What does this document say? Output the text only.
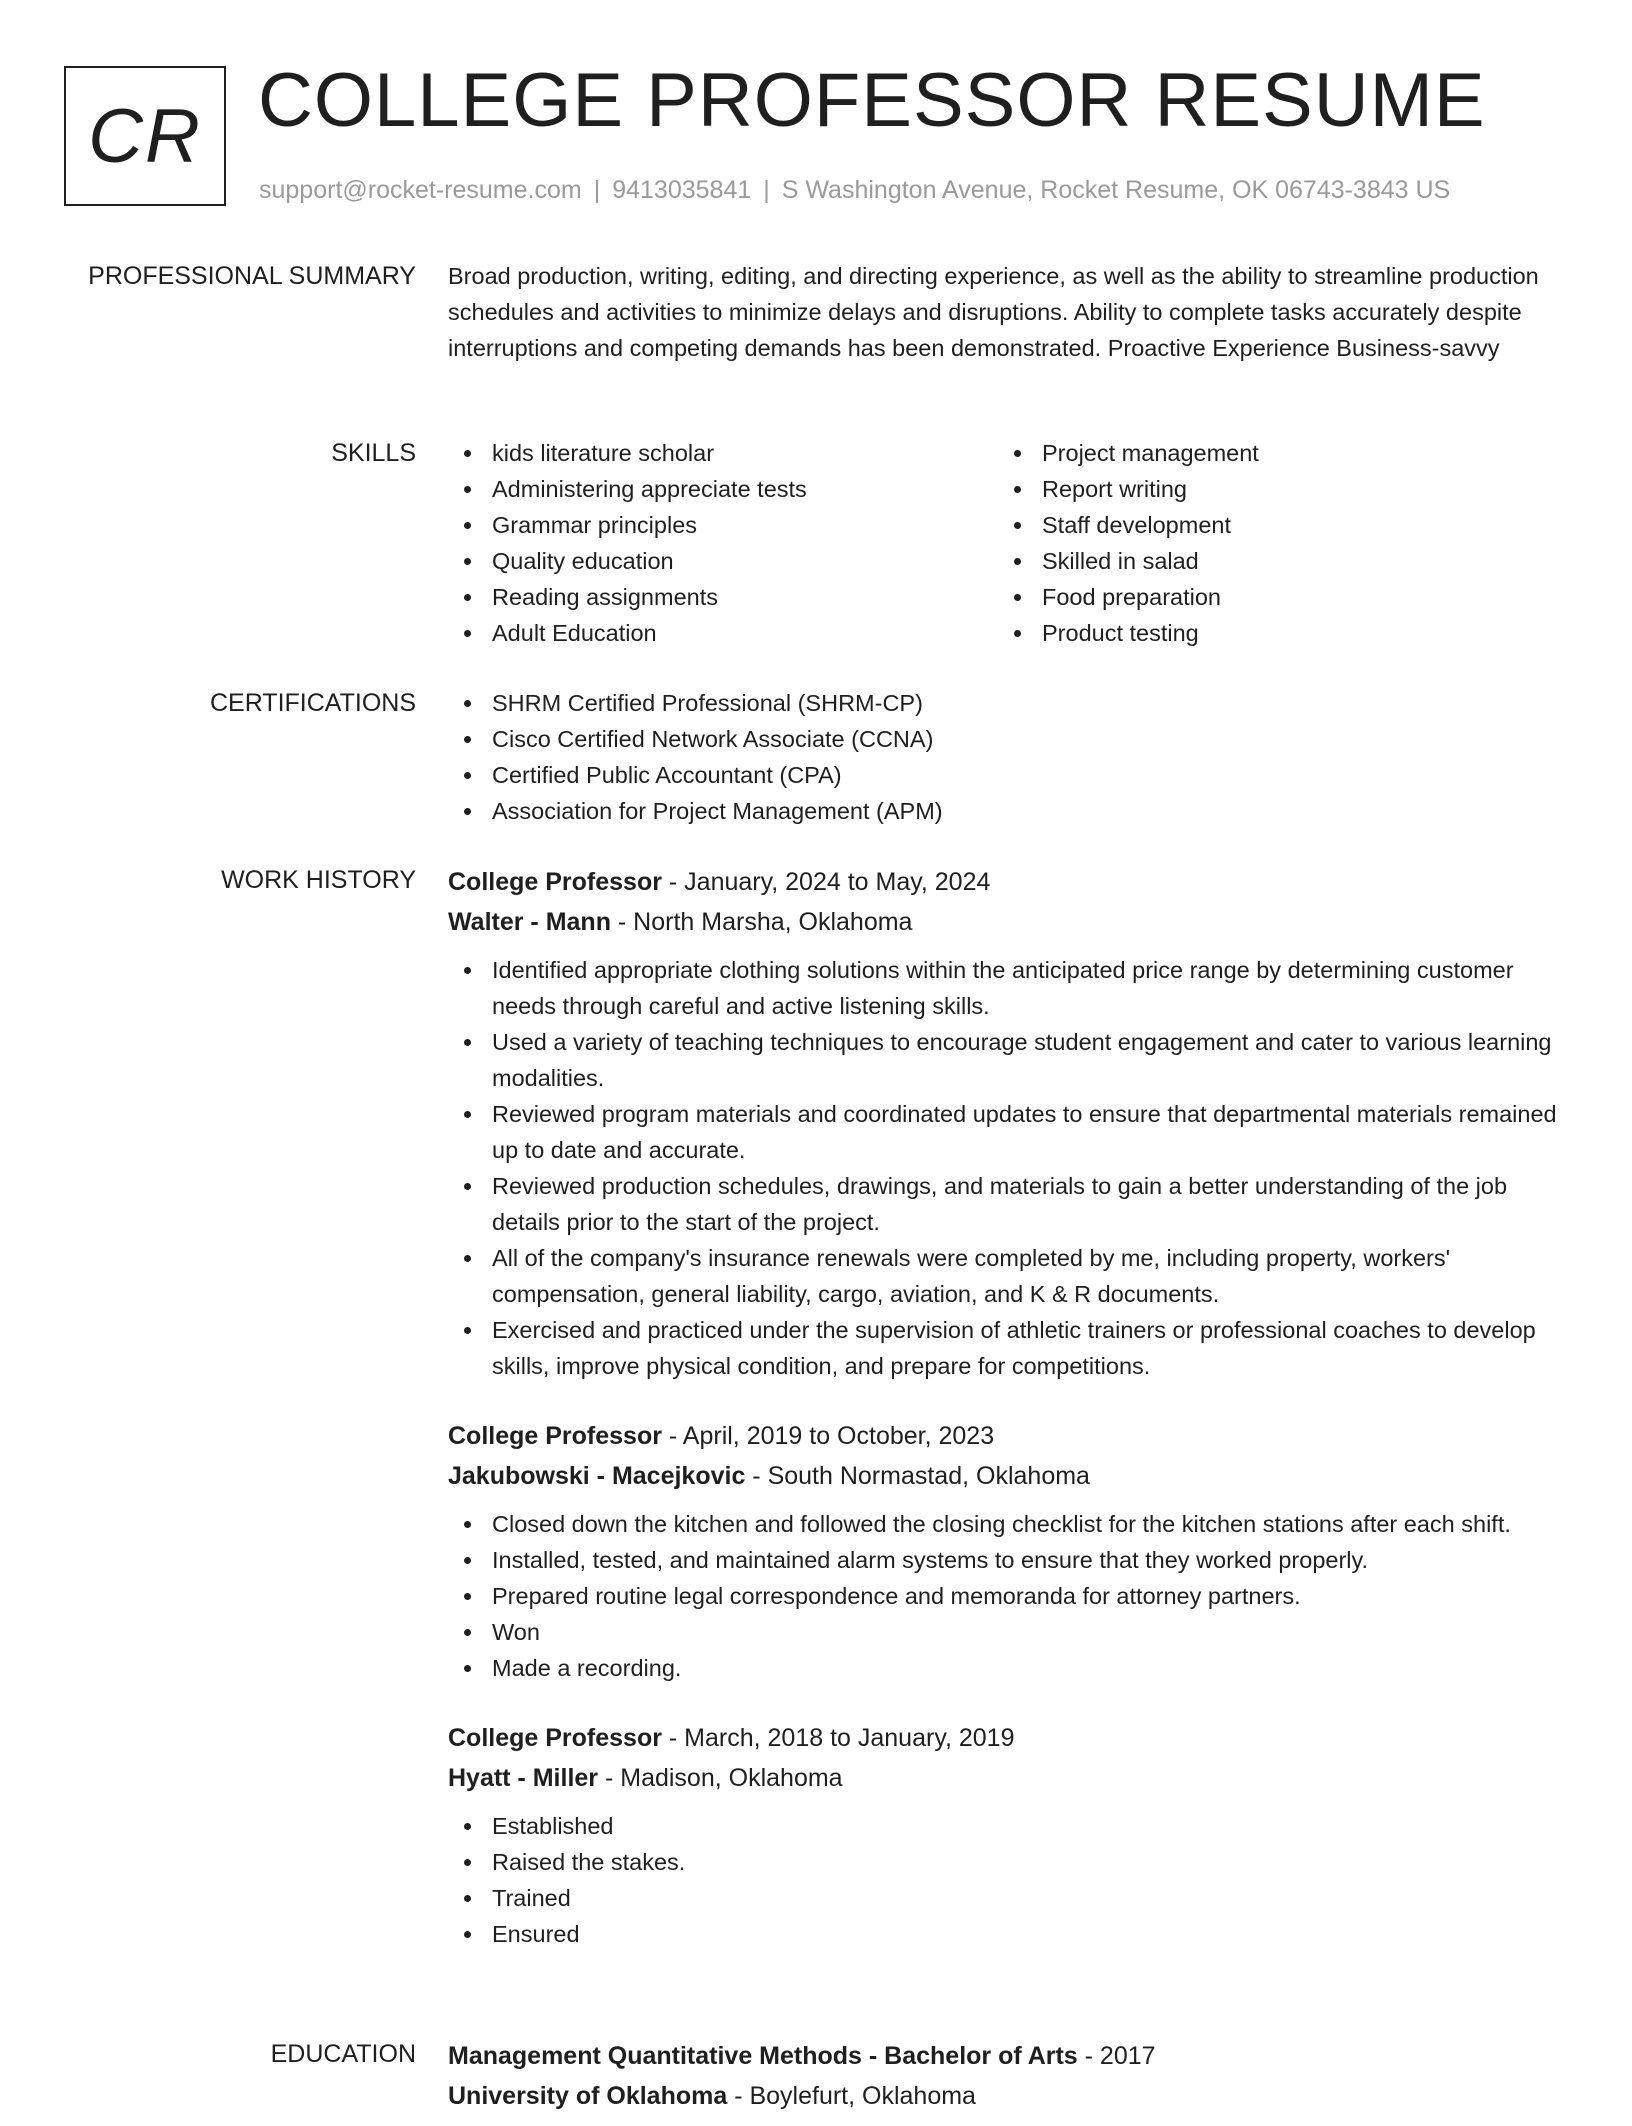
CR COLLEGE PROFESSOR RESUME
support@rocket-resume.com | 9413035841 | S Washington Avenue, Rocket Resume, OK 06743-3843 US
PROFESSIONAL SUMMARY Broad production, writing, editing, and directing experience, as well as the ability to streamline production schedules and activities to minimize delays and disruptions. Ability to complete tasks accurately despite interruptions and competing demands has been demonstrated. Proactive Experience Business-savvy
SKILLS	kids literature scholar
Administering appreciate tests
Grammar principles
Quality education
Reading assignments
Adult Education
Project management
Report writing
Staff development
Skilled in salad
Food preparation
Product testing
CERTIFICATIONS	SHRM Certified Professional (SHRM-CP)
Cisco Certified Network Associate (CCNA)
Certified Public Accountant (CPA)
Association for Project Management (APM)
WORK HISTORY College Professor - January, 2024 to May, 2024
Walter - Mann - North Marsha, Oklahoma
Identified appropriate clothing solutions within the anticipated price range by determining customer needs through careful and active listening skills.
Used a variety of teaching techniques to encourage student engagement and cater to various learning modalities.
Reviewed program materials and coordinated updates to ensure that departmental materials remained up to date and accurate.
Reviewed production schedules, drawings, and materials to gain a better understanding of the job details prior to the start of the project.
All of the company's insurance renewals were completed by me, including property, workers' compensation, general liability, cargo, aviation, and K & R documents.
Exercised and practiced under the supervision of athletic trainers or professional coaches to develop skills, improve physical condition, and prepare for competitions.
College Professor - April, 2019 to October, 2023
Jakubowski - Macejkovic - South Normastad, Oklahoma
Closed down the kitchen and followed the closing checklist for the kitchen stations after each shift.
Installed, tested, and maintained alarm systems to ensure that they worked properly.
Prepared routine legal correspondence and memoranda for attorney partners.
Won
Made a recording.
College Professor - March, 2018 to January, 2019
Hyatt - Miller - Madison, Oklahoma
Established
Raised the stakes.
Trained
Ensured
EDUCATION Management Quantitative Methods - Bachelor of Arts - 2017
University of Oklahoma - Boylefurt, Oklahoma
